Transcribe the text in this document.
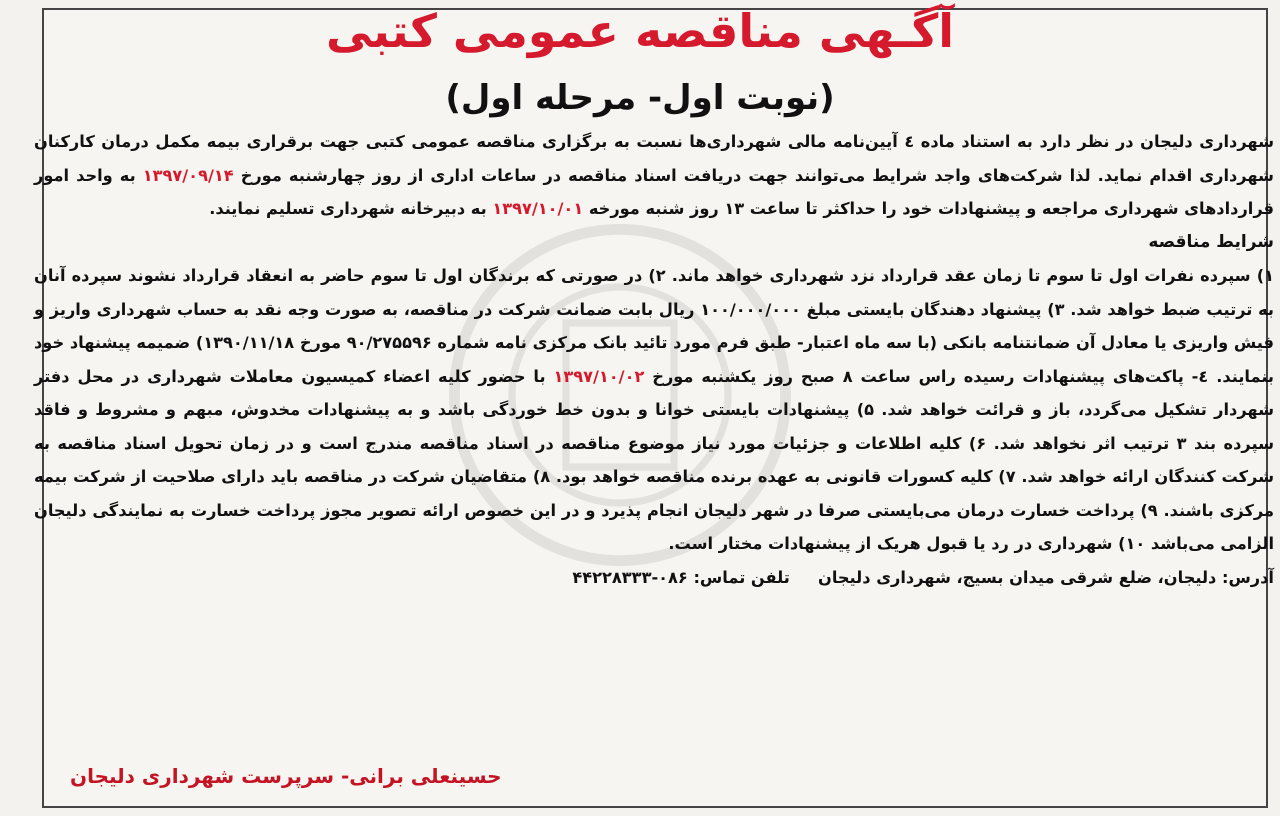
آگـهی مناقصه عمومی کتبی
(نوبت اول- مرحله اول)

شهرداری دلیجان در نظر دارد به استناد ماده ٤ آیین‌نامه مالی شهرداری‌ها نسبت به برگزاری مناقصه عمومی کتبی جهت برقراری بیمه مکمل درمان کارکنان شهرداری اقدام نماید. لذا شرکت‌های واجد شرایط می‌توانند جهت دریافت اسناد مناقصه در ساعات اداری از روز چهارشنبه مورخ ۱۳۹۷/۰۹/۱۴ به واحد امور قراردادهای شهرداری مراجعه و پیشنهادات خود را حداکثر تا ساعت ۱۳ روز شنبه مورخه ۱۳۹۷/۱۰/۰۱ به دبیرخانه شهرداری تسلیم نمایند.

شرایط مناقصه

۱) سپرده نفرات اول تا سوم تا زمان عقد قرارداد نزد شهرداری خواهد ماند. ۲) در صورتی که برندگان اول تا سوم حاضر به انعقاد قرارداد نشوند سپرده آنان به ترتیب ضبط خواهد شد. ۳) پیشنهاد دهندگان بایستی مبلغ ۱۰۰/۰۰۰/۰۰۰ ریال بابت ضمانت شرکت در مناقصه، به صورت وجه نقد به حساب شهرداری واریز و فیش واریزی یا معادل آن ضمانتنامه بانکی (با سه ماه اعتبار- طبق فرم مورد تائید بانک مرکزی نامه شماره ۹۰/۲۷۵۵۹۶ مورخ ۱۳۹۰/۱۱/۱۸) ضمیمه پیشنهاد خود بنمایند. ٤- پاکت‌های پیشنهادات رسیده راس ساعت ۸ صبح روز یکشنبه مورخ ۱۳۹۷/۱۰/۰۲ با حضور کلیه اعضاء کمیسیون معاملات شهرداری در محل دفتر شهردار تشکیل می‌گردد، باز و قرائت خواهد شد. ۵) پیشنهادات بایستی خوانا و بدون خط خوردگی باشد و به پیشنهادات مخدوش، مبهم و مشروط و فاقد سپرده بند ۳ ترتیب اثر نخواهد شد. ۶) کلیه اطلاعات و جزئیات مورد نیاز موضوع مناقصه در اسناد مناقصه مندرج است و در زمان تحویل اسناد مناقصه به شرکت کنندگان ارائه خواهد شد. ۷) کلیه کسورات قانونی به عهده برنده مناقصه خواهد بود. ۸) متقاضیان شرکت در مناقصه باید دارای صلاحیت از شرکت بیمه مرکزی باشند. ۹) پرداخت خسارت درمان می‌بایستی صرفا در شهر دلیجان انجام پذیرد و در این خصوص ارائه تصویر مجوز پرداخت خسارت به نمایندگی دلیجان الزامی می‌باشد ۱۰) شهرداری در رد یا قبول هریک از پیشنهادات مختار است.

آدرس: دلیجان، ضلع شرقی میدان بسیج، شهرداری دلیجان     تلفن تماس: ۰۸۶-۴۴۲۲۸۳۳۳

حسینعلی برانی- سرپرست شهرداری دلیجان
